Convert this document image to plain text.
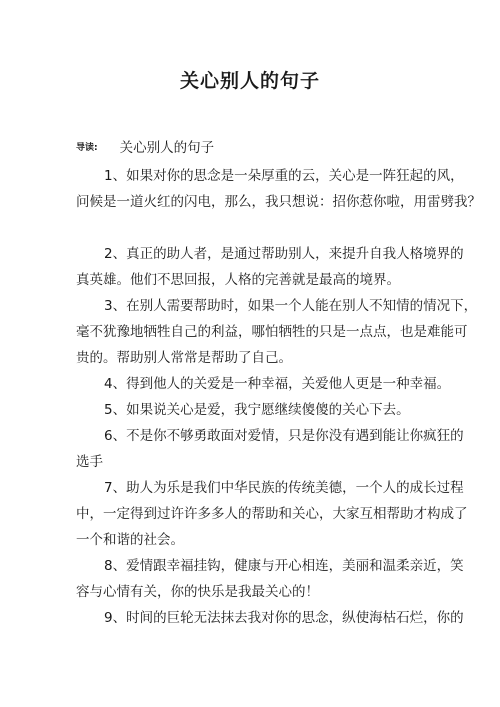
关心别人的句子
导读: 关心别人的句子
1、如果对你的思念是一朵厚重的云，关心是一阵狂起的风，
问候是一道火红的闪电，那么，我只想说：招你惹你啦，用雷劈我？
2、真正的助人者，是通过帮助别人，来提升自我人格境界的
真英雄。他们不思回报，人格的完善就是最高的境界。
3、在别人需要帮助时，如果一个人能在别人不知情的情况下，
毫不犹豫地牺牲自己的利益，哪怕牺牲的只是一点点，也是难能可
贵的。帮助别人常常是帮助了自己。
4、得到他人的关爱是一种幸福，关爱他人更是一种幸福。
5、如果说关心是爱，我宁愿继续傻傻的关心下去。
6、不是你不够勇敢面对爱情，只是你没有遇到能让你疯狂的
选手
7、助人为乐是我们中华民族的传统美德，一个人的成长过程
中，一定得到过许许多多人的帮助和关心，大家互相帮助才构成了
一个和谐的社会。
8、爱情跟幸福挂钩，健康与开心相连，美丽和温柔亲近，笑
容与心情有关，你的快乐是我最关心的！
9、时间的巨轮无法抹去我对你的思念，纵使海枯石烂，你的
